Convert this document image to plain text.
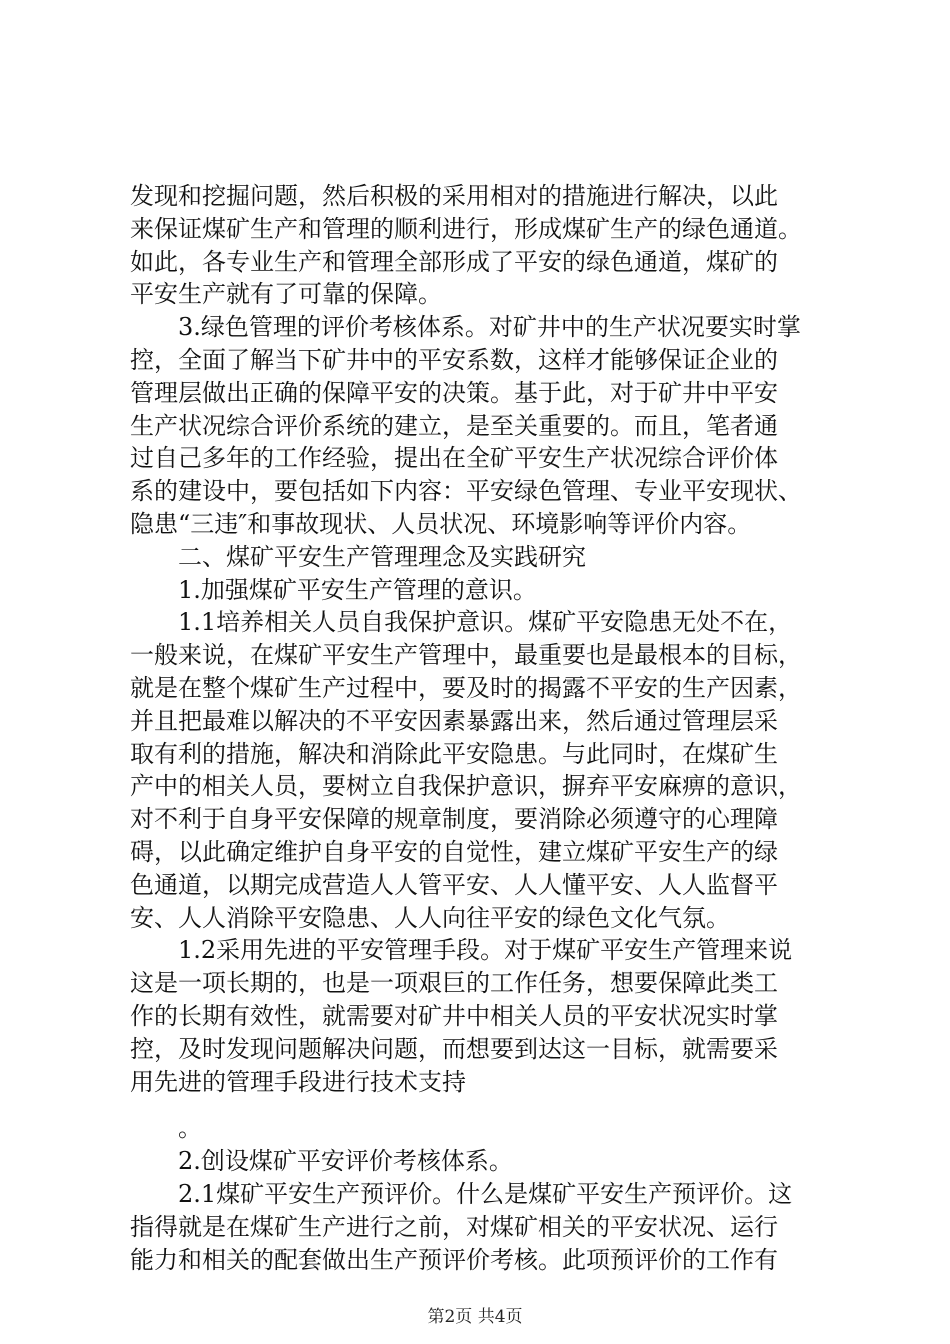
发现和挖掘问题，然后积极的采用相对的措施进行解决，以此
来保证煤矿生产和管理的顺利进行，形成煤矿生产的绿色通道。
如此，各专业生产和管理全部形成了平安的绿色通道，煤矿的
平安生产就有了可靠的保障。
　　3.绿色管理的评价考核体系。对矿井中的生产状况要实时掌
控，全面了解当下矿井中的平安系数，这样才能够保证企业的
管理层做出正确的保障平安的决策。基于此，对于矿井中平安
生产状况综合评价系统的建立，是至关重要的。而且，笔者通
过自己多年的工作经验，提出在全矿平安生产状况综合评价体
系的建设中，要包括如下内容：平安绿色管理、专业平安现状、
隐患“三违″和事故现状、人员状况、环境影响等评价内容。
　　二、煤矿平安生产管理理念及实践研究
　　1.加强煤矿平安生产管理的意识。
　　1.1培养相关人员自我保护意识。煤矿平安隐患无处不在，
一般来说，在煤矿平安生产管理中，最重要也是最根本的目标，
就是在整个煤矿生产过程中，要及时的揭露不平安的生产因素，
并且把最难以解决的不平安因素暴露出来，然后通过管理层采
取有利的措施，解决和消除此平安隐患。与此同时，在煤矿生
产中的相关人员，要树立自我保护意识，摒弃平安麻痹的意识，
对不利于自身平安保障的规章制度，要消除必须遵守的心理障
碍，以此确定维护自身平安的自觉性，建立煤矿平安生产的绿
色通道，以期完成营造人人管平安、人人懂平安、人人监督平
安、人人消除平安隐患、人人向往平安的绿色文化气氛。
　　1.2采用先进的平安管理手段。对于煤矿平安生产管理来说
这是一项长期的，也是一项艰巨的工作任务，想要保障此类工
作的长期有效性，就需要对矿井中相关人员的平安状况实时掌
控，及时发现问题解决问题，而想要到达这一目标，就需要采
用先进的管理手段进行技术支持
　　。
　　2.创设煤矿平安评价考核体系。
　　2.1煤矿平安生产预评价。什么是煤矿平安生产预评价。这
指得就是在煤矿生产进行之前，对煤矿相关的平安状况、运行
能力和相关的配套做出生产预评价考核。此项预评价的工作有
第2页 共4页
